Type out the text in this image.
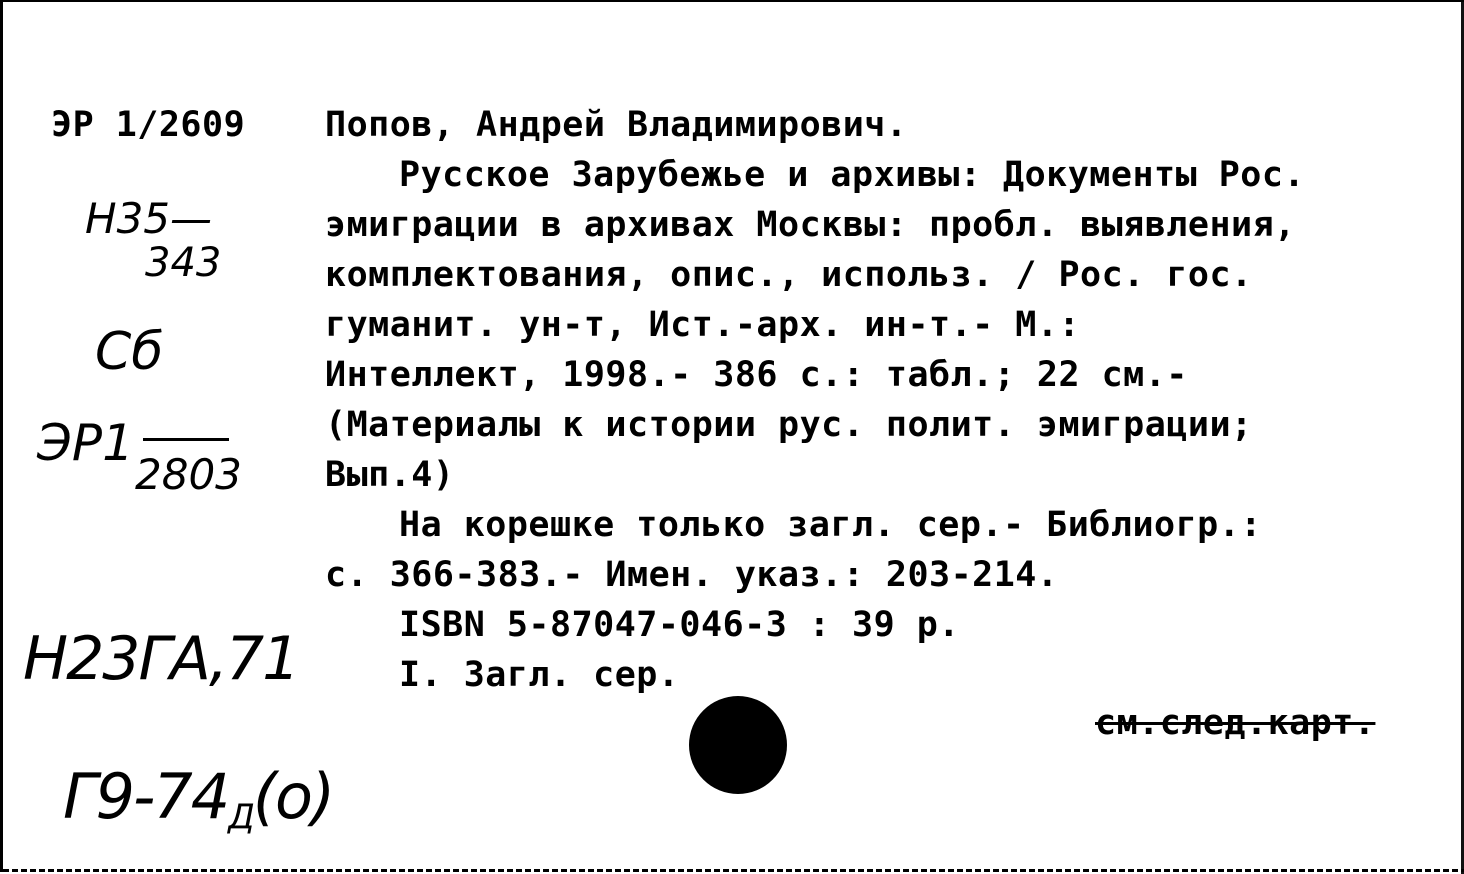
ЭР 1/2609 Попов, Андрей Владимирович.
Русское Зарубежье и архивы: Документы Рос.
эмиграции в архивах Москвы: пробл. выявления,
комплектования, опис., использ. / Рос. гос.
гуманит. ун-т, Ист.-арх. ин-т.- М.:
Интеллект, 1998.- 386 с.: табл.; 22 см.-
(Материалы к истории рус. полит. эмиграции;
Вып.4)
На корешке только загл. сер.- Библиогр.:
с. 366-383.- Имен. указ.: 203-214.
ISBN 5-87047-046-3 : 39 р.
I. Загл. сер.
см.след.карт.
Н35—
343
Сб
ЭР1
2803
Н23ГА,71
Г9-74Д(о)
